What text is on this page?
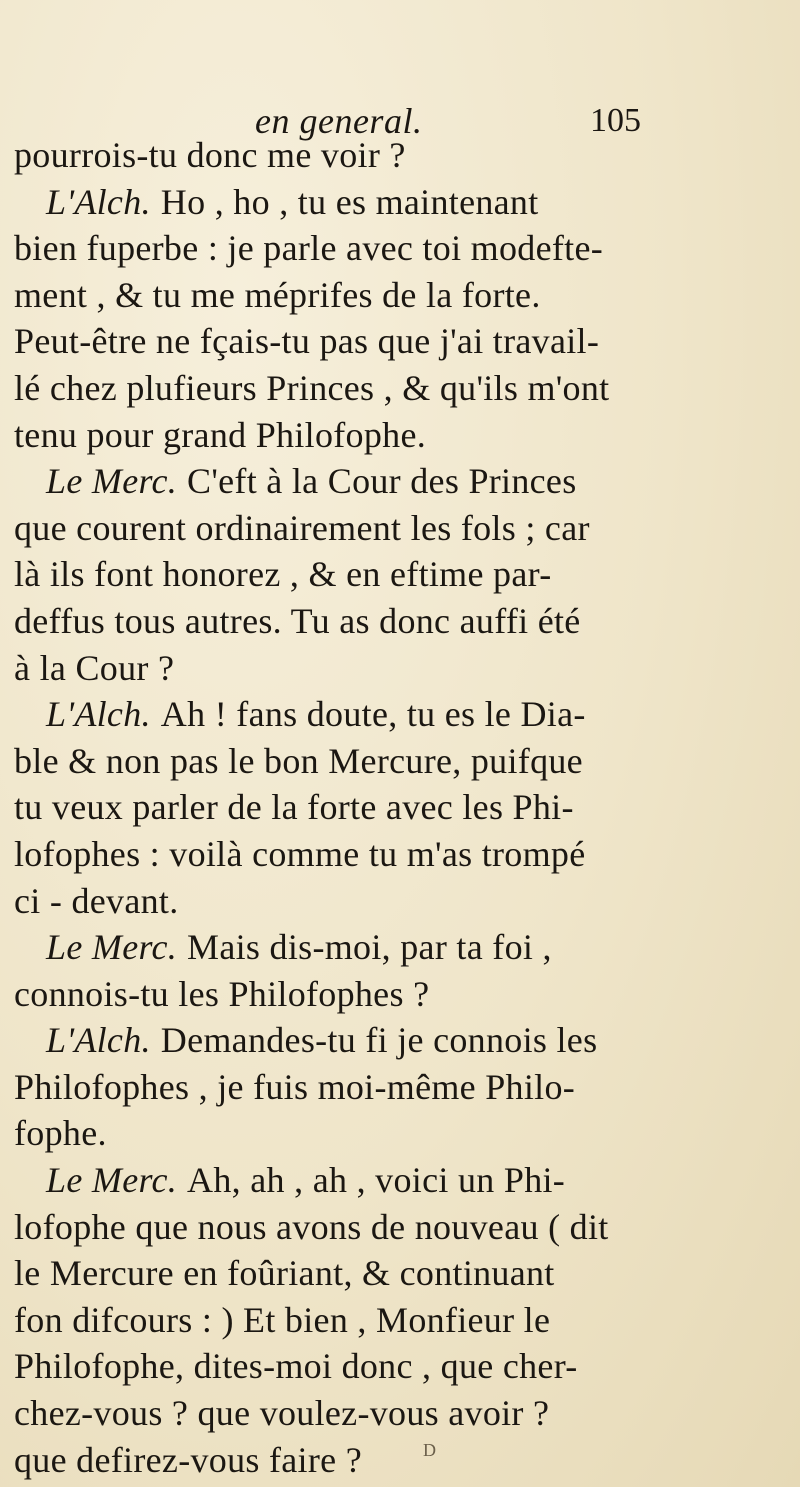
en general.	105
pourrois-tu donc me voir ?
L'Alch. Ho , ho , tu es maintenant
bien fuperbe : je parle avec toi modefte-
ment , & tu me méprifes de la forte.
Peut-être ne fçais-tu pas que j'ai travail-
lé chez plufieurs Princes , & qu'ils m'ont
tenu pour grand Philofophe.
Le Merc. C'eft à la Cour des Princes
que courent ordinairement les fols ; car
là ils font honorez , & en eftime par-
deffus tous autres. Tu as donc auffi été
à la Cour ?
L'Alch. Ah ! fans doute, tu es le Dia-
ble & non pas le bon Mercure, puifque
tu veux parler de la forte avec les Phi-
lofophes : voilà comme tu m'as trompé
ci - devant.
Le Merc. Mais dis-moi, par ta foi ,
connois-tu les Philofophes ?
L'Alch. Demandes-tu fi je connois les
Philofophes , je fuis moi-même Philo-
fophe.
Le Merc. Ah, ah , ah , voici un Phi-
lofophe que nous avons de nouveau ( dit
le Mercure en foûriant, & continuant
fon difcours : ) Et bien , Monfieur le
Philofophe, dites-moi donc , que cher-
chez-vous ? que voulez-vous avoir ?
que defirez-vous faire ?	D
